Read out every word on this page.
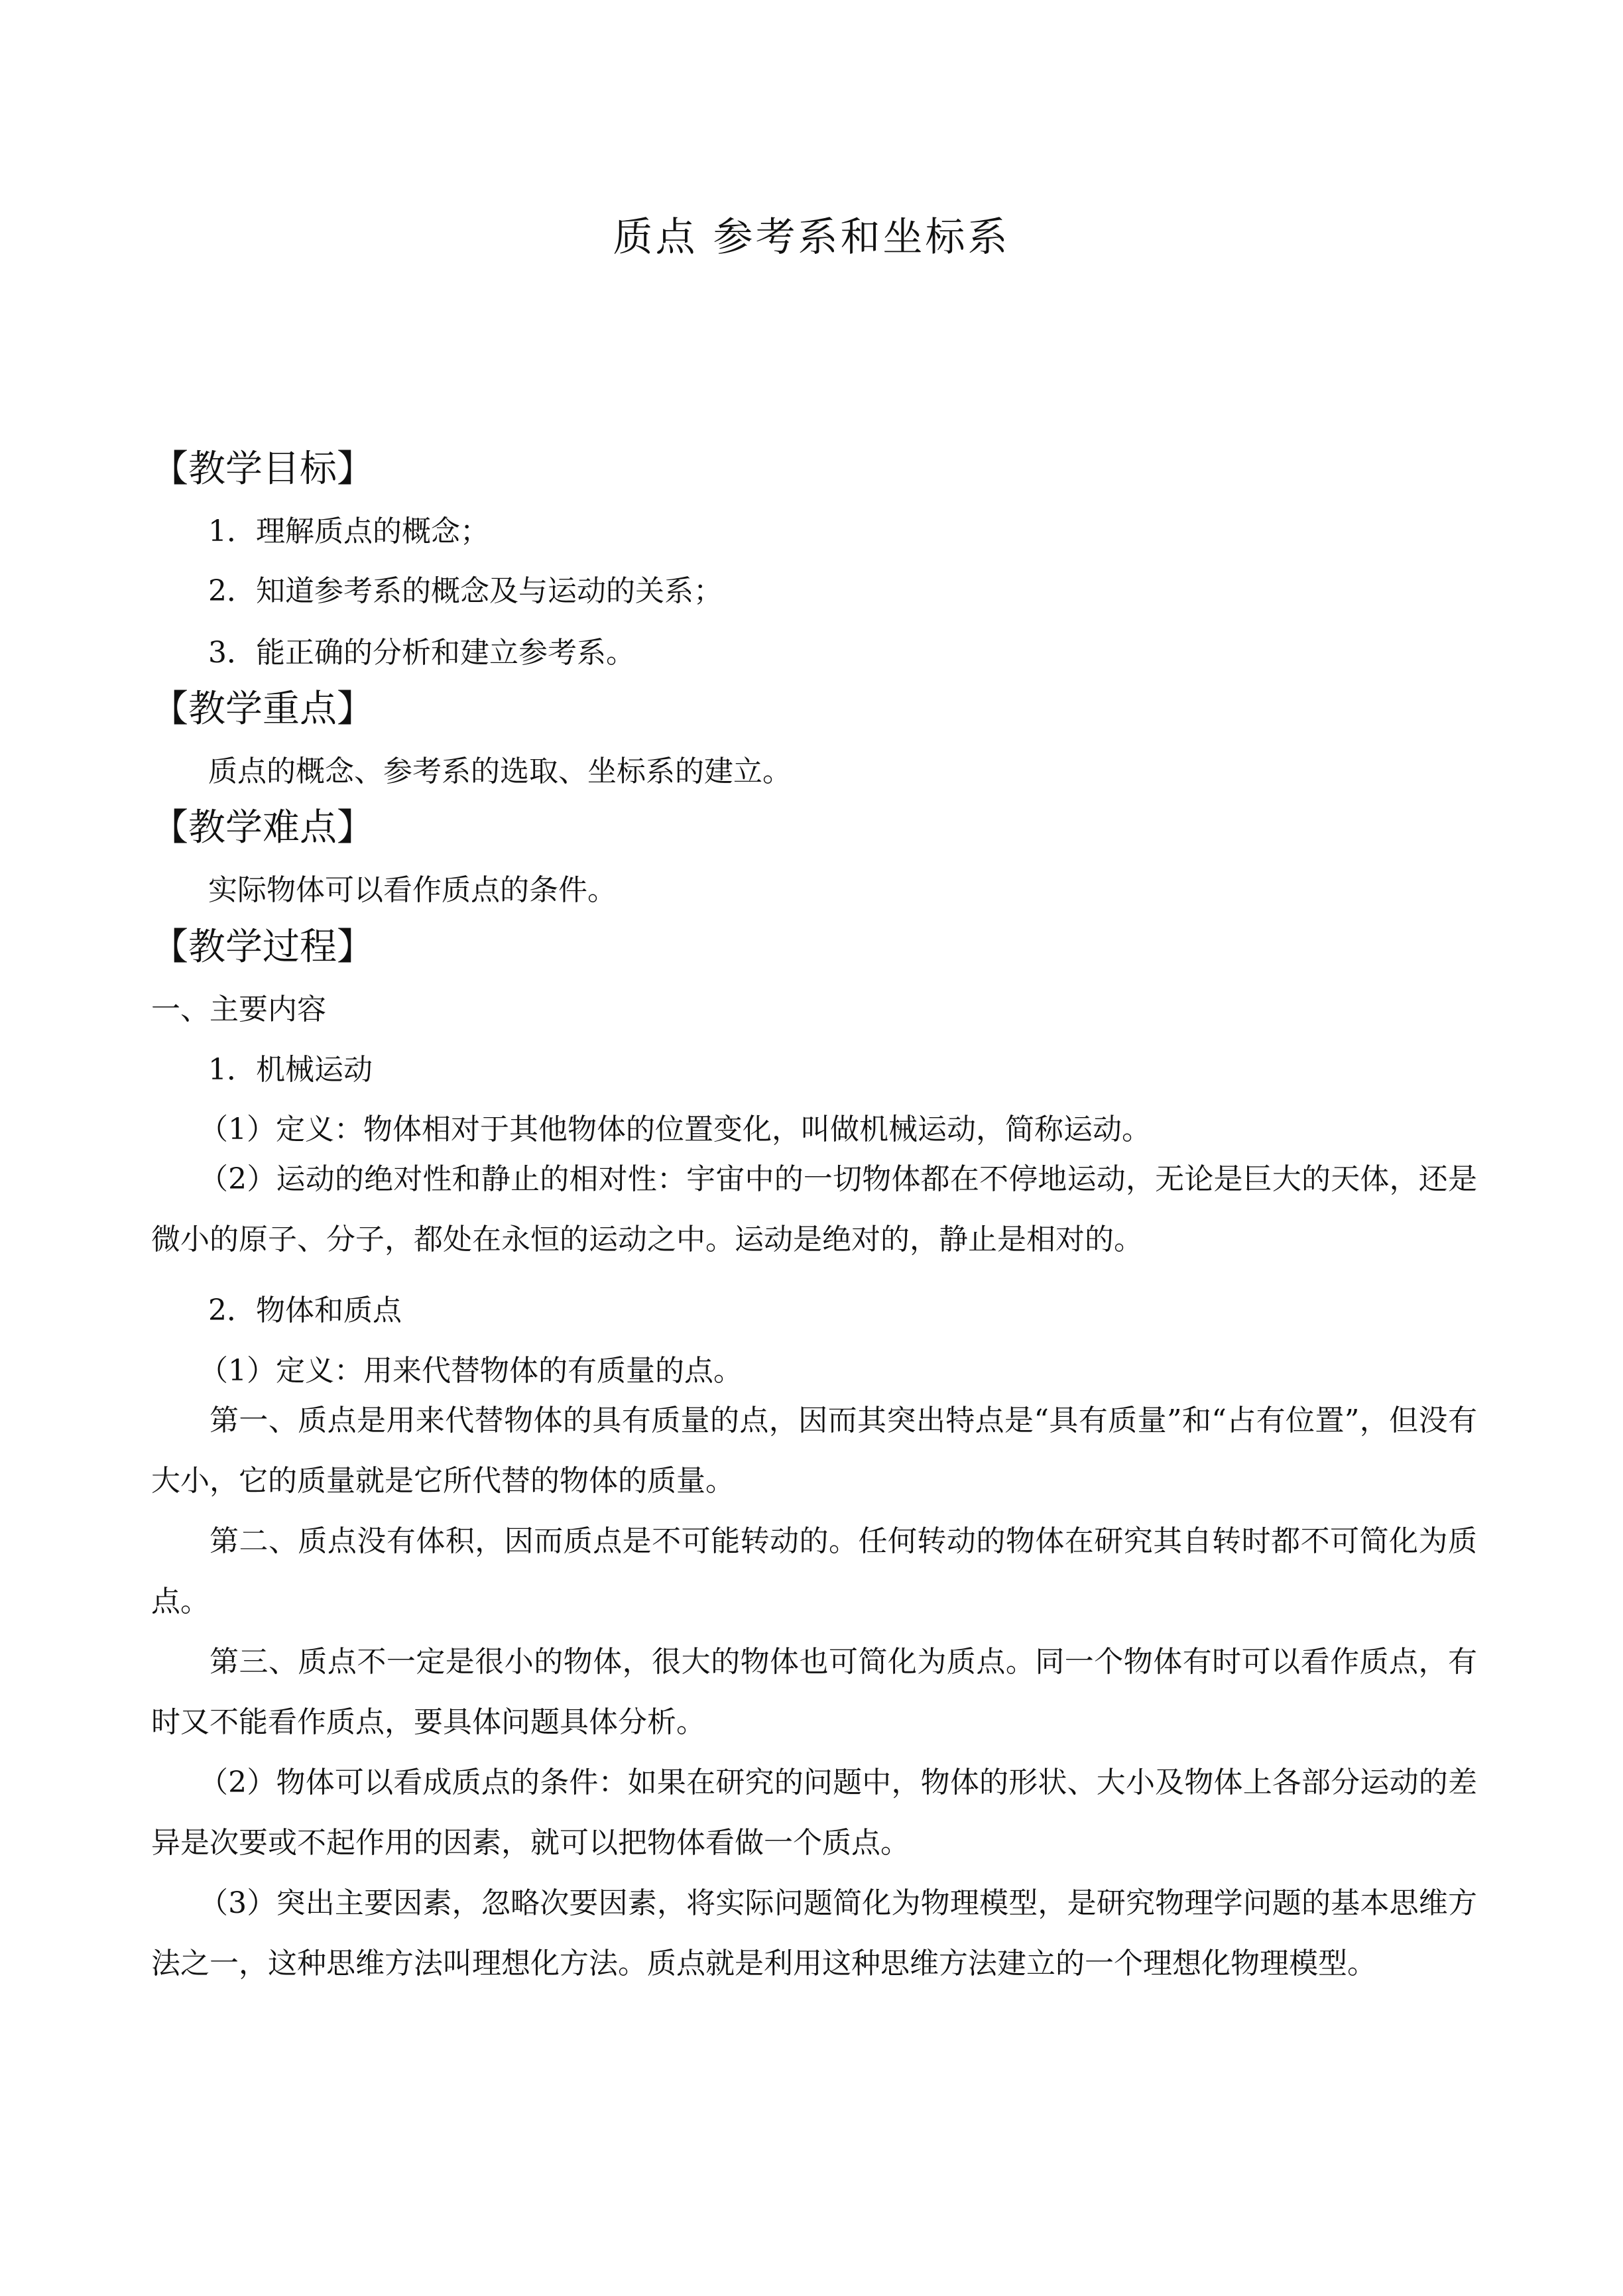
质点 参考系和坐标系
【教学目标】
1．理解质点的概念；
2．知道参考系的概念及与运动的关系；
3．能正确的分析和建立参考系。
【教学重点】
质点的概念、参考系的选取、坐标系的建立。
【教学难点】
实际物体可以看作质点的条件。
【教学过程】
一、主要内容
1．机械运动
（1）定义：物体相对于其他物体的位置变化，叫做机械运动，简称运动。
（2）运动的绝对性和静止的相对性：宇宙中的一切物体都在不停地运动，无论是巨大的天体，还是微小的原子、分子，都处在永恒的运动之中。运动是绝对的，静止是相对的。
2．物体和质点
（1）定义：用来代替物体的有质量的点。
第一、质点是用来代替物体的具有质量的点，因而其突出特点是“具有质量”和“占有位置”，但没有大小，它的质量就是它所代替的物体的质量。
第二、质点没有体积，因而质点是不可能转动的。任何转动的物体在研究其自转时都不可简化为质点。
第三、质点不一定是很小的物体，很大的物体也可简化为质点。同一个物体有时可以看作质点，有时又不能看作质点，要具体问题具体分析。
（2）物体可以看成质点的条件：如果在研究的问题中，物体的形状、大小及物体上各部分运动的差异是次要或不起作用的因素，就可以把物体看做一个质点。
（3）突出主要因素，忽略次要因素，将实际问题简化为物理模型，是研究物理学问题的基本思维方法之一，这种思维方法叫理想化方法。质点就是利用这种思维方法建立的一个理想化物理模型。
